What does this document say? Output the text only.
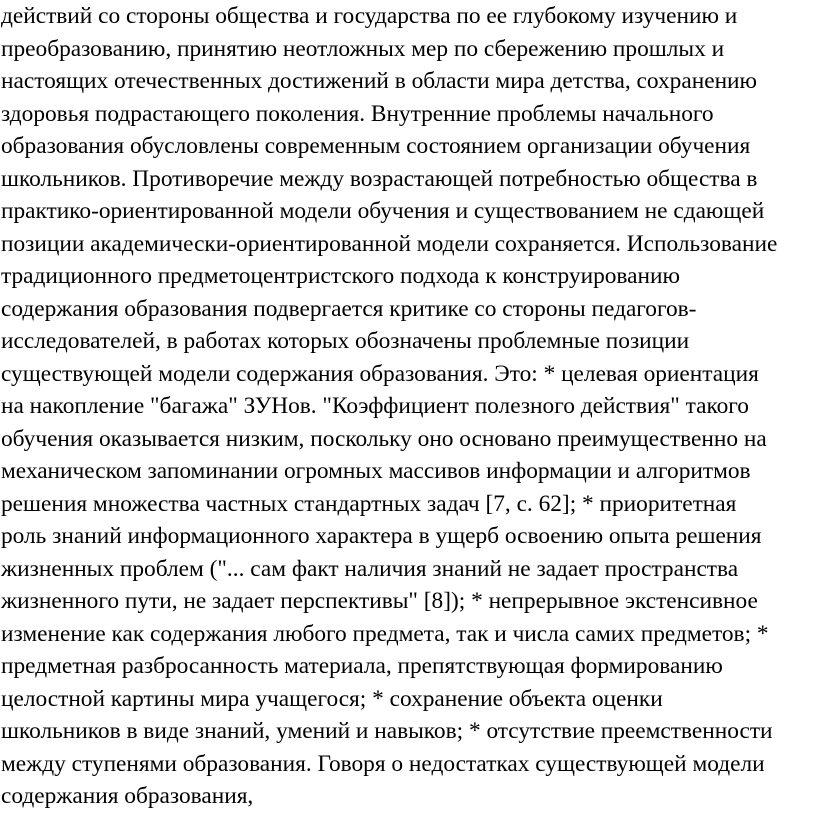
действий со стороны общества и государства по ее глубокому изучению и
преобразованию, принятию неотложных мер по сбережению прошлых и
настоящих отечественных достижений в области мира детства, сохранению
здоровья подрастающего поколения. Внутренние проблемы начального
образования обусловлены современным состоянием организации обучения
школьников. Противоречие между возрастающей потребностью общества в
практико-ориентированной модели обучения и существованием не сдающей
позиции академически-ориентированной модели сохраняется. Использование
традиционного предметоцентристского подхода к конструированию
содержания образования подвергается критике со стороны педагогов-
исследователей, в работах которых обозначены проблемные позиции
существующей модели содержания образования. Это: * целевая ориентация
на накопление "багажа" ЗУНов. "Коэффициент полезного действия" такого
обучения оказывается низким, поскольку оно основано преимущественно на
механическом запоминании огромных массивов информации и алгоритмов
решения множества частных стандартных задач [7, с. 62]; * приоритетная
роль знаний информационного характера в ущерб освоению опыта решения
жизненных проблем ("... сам факт наличия знаний не задает пространства
жизненного пути, не задает перспективы" [8]); * непрерывное экстенсивное
изменение как содержания любого предмета, так и числа самих предметов; *
предметная разбросанность материала, препятствующая формированию
целостной картины мира учащегося; * сохранение объекта оценки
школьников в виде знаний, умений и навыков; * отсутствие преемственности
между ступенями образования. Говоря о недостатках существующей модели
содержания образования,
